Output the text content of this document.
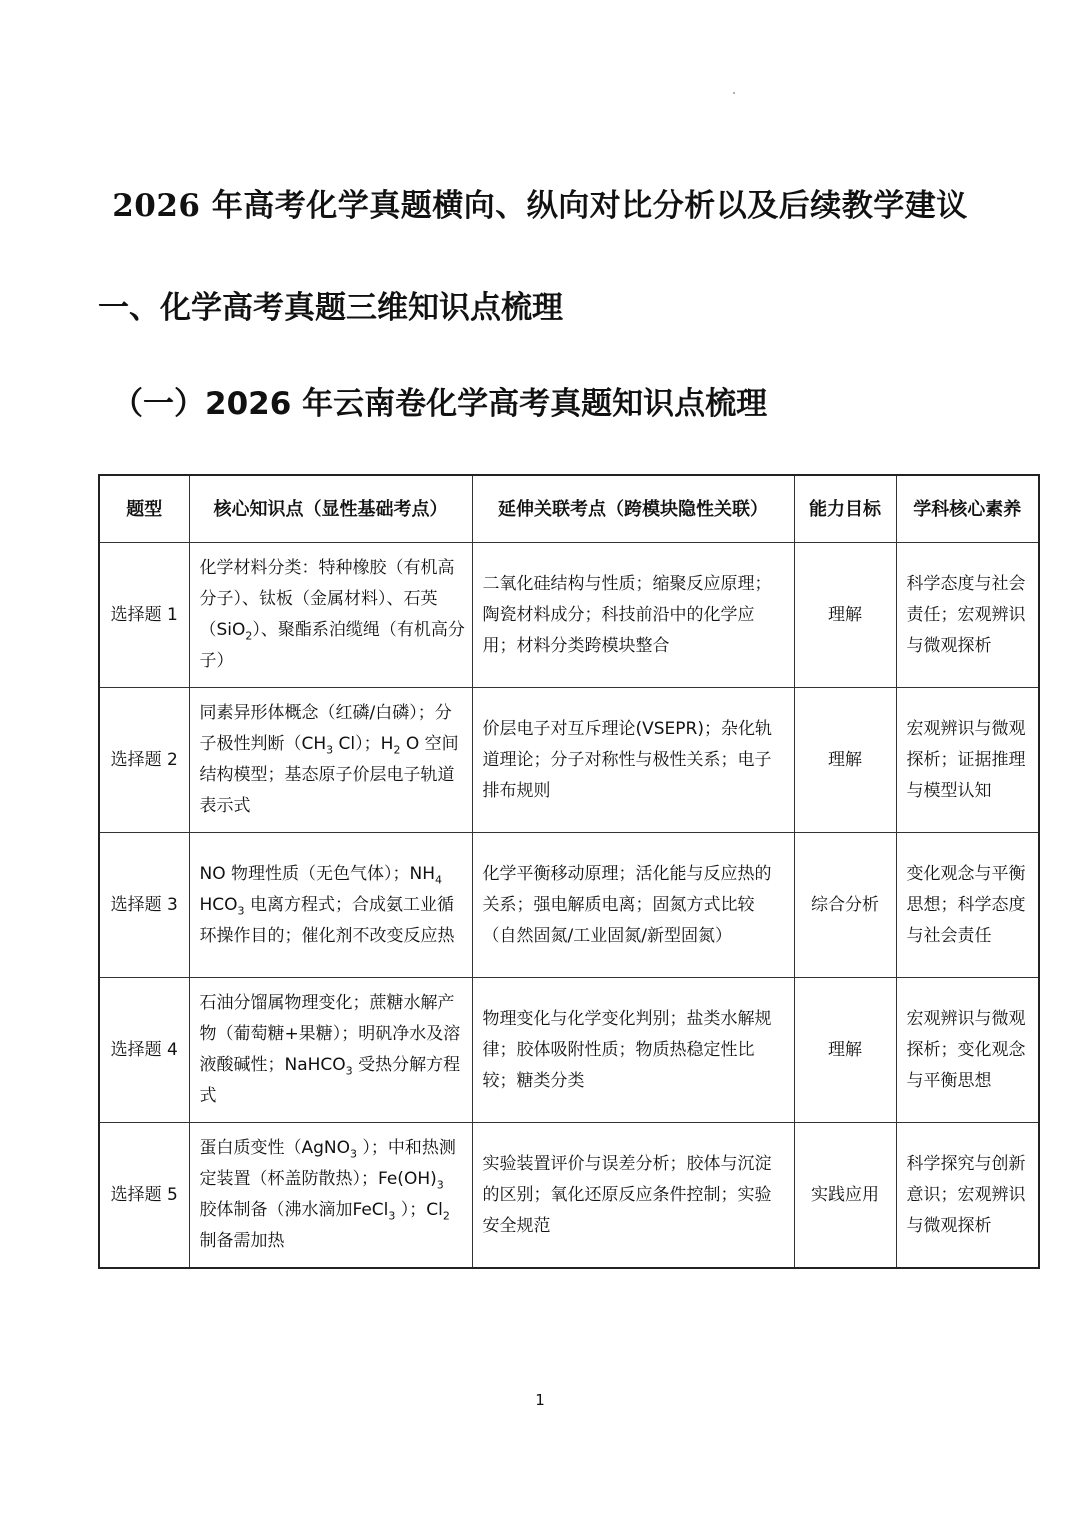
2026 年高考化学真题横向、纵向对比分析以及后续教学建议
一、化学高考真题三维知识点梳理
（一）2026 年云南卷化学高考真题知识点梳理
题型	核心知识点（显性基础考点）	延伸关联考点（跨模块隐性关联）	能力目标	学科核心素养
选择题 1	化学材料分类：特种橡胶（有机高分子）、钛板（金属材料）、石英（SiO$_2$）、聚酯系泊缆绳（有机高分子）	二氧化硅结构与性质；缩聚反应原理；陶瓷材料成分；科技前沿中的化学应用；材料分类跨模块整合	理解	科学态度与社会责任；宏观辨识与微观探析
选择题 2	同素异形体概念（红磷/白磷）；分子极性判断（$CH_3$ Cl）；$H_2$ O 空间结构模型；基态原子价层电子轨道表示式	价层电子对互斥理论(VSEPR)；杂化轨道理论；分子对称性与极性关系；电子排布规则	理解	宏观辨识与微观探析；证据推理与模型认知
选择题 3	NO 物理性质（无色气体）；$NH_4$ $HCO_3$ 电离方程式；合成氨工业循环操作目的；催化剂不改变反应热	化学平衡移动原理；活化能与反应热的关系；强电解质电离；固氮方式比较（自然固氮/工业固氮/新型固氮）	综合分析	变化观念与平衡思想；科学态度与社会责任
选择题 4	石油分馏属物理变化；蔗糖水解产物（葡萄糖+果糖）；明矾净水及溶液酸碱性；NaHCO$_3$ 受热分解方程式	物理变化与化学变化判别；盐类水解规律；胶体吸附性质；物质热稳定性比较；糖类分类	理解	宏观辨识与微观探析；变化观念与平衡思想
选择题 5	蛋白质变性（AgNO$_3$ ）；中和热测定装置（杯盖防散热）；$Fe(OH)_3$ 胶体制备（沸水滴加FeCl$_3$ ）；$Cl_2$ 制备需加热	实验装置评价与误差分析；胶体与沉淀的区别；氧化还原反应条件控制；实验安全规范	实践应用	科学探究与创新意识；宏观辨识与微观探析
1
